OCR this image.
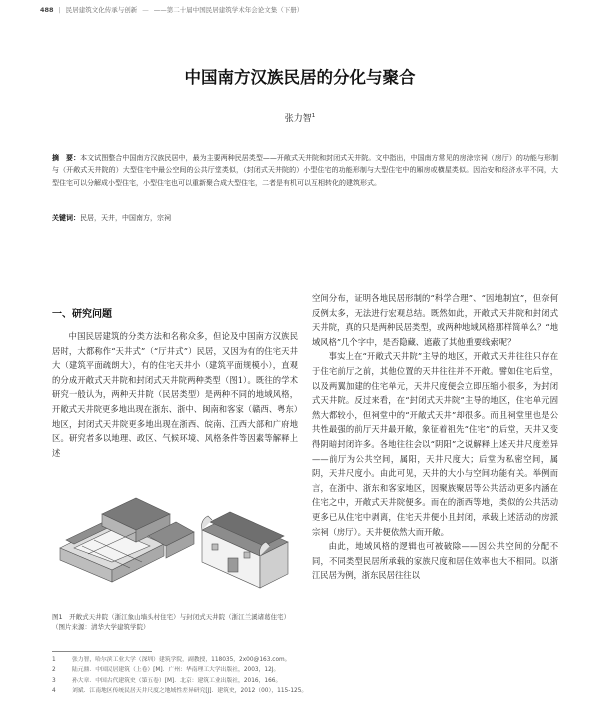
488 | 民居建筑文化传承与创新 — ——第二十届中国民居建筑学术年会论文集（下册）
中国南方汉族民居的分化与聚合
张力智$^1$
摘　要：本文试图整合中国南方汉族民居中，最为主要两种民居类型——开敞式天井院和封闭式天井院。文中指出，中国南方常见的房涂宗祠（房厅）的功能与形制与（开敞式天井院的）大型住宅中最公空间的公共厅堂类似，（封闭式天井院的）小型住宅的功能形制与大型住宅中的厢房或横屋类似。因治安和经济水平不同，大型住宅可以分解成小型住宅，小型住宅也可以重新聚合成大型住宅，二者是有机可以互相转化的建筑形式。
关键词：民居，天井，中国南方，宗祠
一、研究问题
中国民居建筑的分类方法和名称众多，但论及中国南方汉族民居时，大都称作“天井式”（“厅井式”）民居，又因为有的住宅天井大（建筑平面疏朗大），有的住宅天井小（建筑平面规模小），直观的分成开敞式天井院和封闭式天井院两种类型（图1）。既往的学术研究一般认为，两种天井院（民居类型）是两种不同的地域风格，开敞式天井院更多地出现在浙东、浙中、闽南和客家（赣西、粤东）地区，封闭式天井院更多地出现在浙西、皖南、江西大部和广府地区。研究者多以地理、政区、气候环境、风格条件等因素等解释上述

空间分布，证明各地民居形制的“科学合理”、“因地制宜”，但奈何反例太多，无法进行宏观总结。既然如此，开敞式天井院和封闭式天井院，真的只是两种民居类型，或两种地域风格那样简单么？“地域风格”几个字中，是否隐藏、遮蔽了其他重要线索呢？

事实上在“开敞式天井院”主导的地区，开敞式天井往往只存在于住宅前厅之前，其他位置的天井往往并不开敞。譬如住宅后堂，以及两翼加建的住宅单元，天井尺度便会立即压缩小很多，为封闭式天井院。反过来看，在“封闭式天井院”主导的地区，住宅单元固然大都较小，但祠堂中的“开敞式天井”却很多。而且祠堂里也是公共性最强的前厅天井最开敞，象征着祖先“住宅”的后堂，天井又变得阴暗封闭许多。各地往往会以“阴阳”之说解释上述天井尺度差异——前厅为公共空间，属阳，天井尺度大；后堂为私密空间，属阴，天井尺度小。由此可见，天井的大小与空间功能有关。举例而言，在浙中、浙东和客家地区，因聚族聚居等公共活动更多内涵在住宅之中，开敞式天井院便多。而在的浙西等地，类似的公共活动更多已从住宅中剥离，住宅天井便小且封闭，承载上述活动的房派宗祠（房厅）。天井便依然大而开敞。

由此，地域风格的逻辑也可被破除——因公共空间的分配不同，不同类型民居所承载的家族尺度和居住效率也大不相同。以浙江民居为例，浙东民居往往以

图1　开敞式天井院（浙江象山墙头村住宅）与封闭式天井院（浙江兰溪诸葛住宅）
（图片来源：清华大学建筑学院）
1	张力智，哈尔滨工业大学（深圳）建筑学院，副教授，118035，2x00@163.com。
2	陆元鼎．中国民居建筑（上卷）[M]．广州：华南理工大学出版社，2003，12J。
3	孙大章．中国古代建筑史（第五卷）[M]．北京：建筑工业出版社，2016，166。
4	刘斌．江南地区传统民居天井尺度之地域性差异研究[J]．建筑史，2012（00），115-125。
